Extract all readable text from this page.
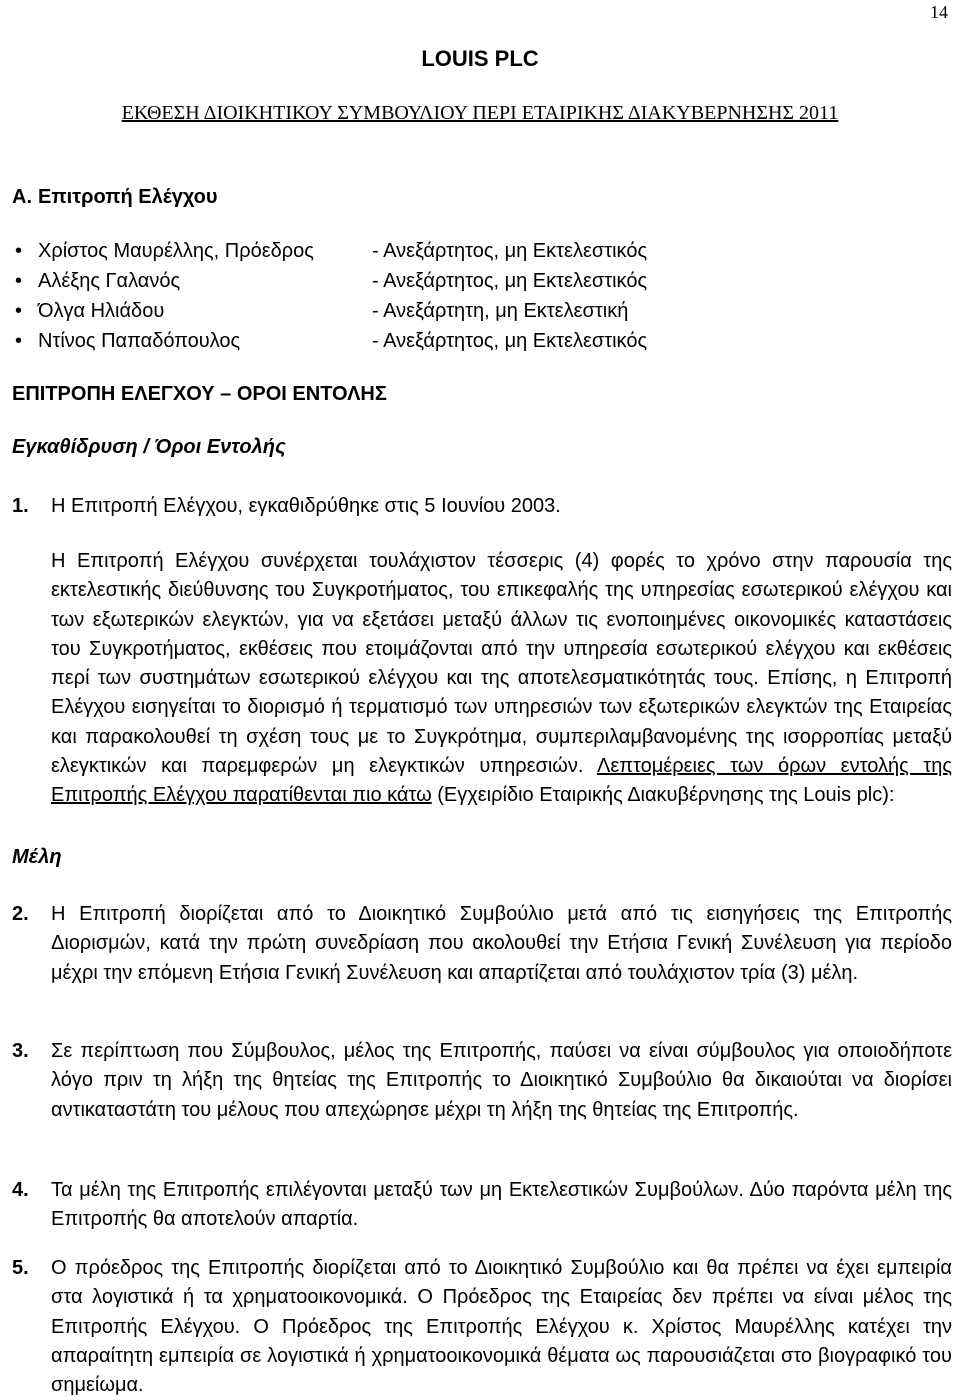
14
LOUIS PLC
ΕΚΘΕΣΗ ΔΙΟΙΚΗΤΙΚΟΥ ΣΥΜΒΟΥΛΙΟΥ ΠΕΡΙ ΕΤΑΙΡΙΚΗΣ ΔΙΑΚΥΒΕΡΝΗΣΗΣ 2011
Α. Επιτροπή Ελέγχου
• Χρίστος Μαυρέλλης, Πρόεδρος	- Ανεξάρτητος, μη Εκτελεστικός
• Αλέξης Γαλανός	- Ανεξάρτητος, μη Εκτελεστικός
• Όλγα Ηλιάδου	- Ανεξάρτητη, μη Εκτελεστική
• Ντίνος Παπαδόπουλος	- Ανεξάρτητος, μη Εκτελεστικός
ΕΠΙΤΡΟΠΗ ΕΛΕΓΧΟΥ – ΟΡΟΙ ΕΝΤΟΛΗΣ
Εγκαθίδρυση / Όροι Εντολής
1. Η Επιτροπή Ελέγχου, εγκαθιδρύθηκε στις 5 Ιουνίου 2003.
Η Επιτροπή Ελέγχου συνέρχεται τουλάχιστον τέσσερις (4) φορές το χρόνο στην παρουσία της εκτελεστικής διεύθυνσης του Συγκροτήματος, του επικεφαλής της υπηρεσίας εσωτερικού ελέγχου και των εξωτερικών ελεγκτών, για να εξετάσει μεταξύ άλλων τις ενοποιημένες οικονομικές καταστάσεις του Συγκροτήματος, εκθέσεις που ετοιμάζονται από την υπηρεσία εσωτερικού ελέγχου και εκθέσεις περί των συστημάτων εσωτερικού ελέγχου και της αποτελεσματικότητάς τους. Επίσης, η Επιτροπή Ελέγχου εισηγείται το διορισμό ή τερματισμό των υπηρεσιών των εξωτερικών ελεγκτών της Εταιρείας και παρακολουθεί τη σχέση τους με το Συγκρότημα, συμπεριλαμβανομένης της ισορροπίας μεταξύ ελεγκτικών και παρεμφερών μη ελεγκτικών υπηρεσιών. Λεπτομέρειες των όρων εντολής της Επιτροπής Ελέγχου παρατίθενται πιο κάτω (Εγχειρίδιο Εταιρικής Διακυβέρνησης της Louis plc):
Μέλη
2. Η Επιτροπή διορίζεται από το Διοικητικό Συμβούλιο μετά από τις εισηγήσεις της Επιτροπής Διορισμών, κατά την πρώτη συνεδρίαση που ακολουθεί την Ετήσια Γενική Συνέλευση για περίοδο μέχρι την επόμενη Ετήσια Γενική Συνέλευση και απαρτίζεται από τουλάχιστον τρία (3) μέλη.
3. Σε περίπτωση που Σύμβουλος, μέλος της Επιτροπής, παύσει να είναι σύμβουλος για οποιοδήποτε λόγο πριν τη λήξη της θητείας της Επιτροπής το Διοικητικό Συμβούλιο θα δικαιούται να διορίσει αντικαταστάτη του μέλους που απεχώρησε μέχρι τη λήξη της θητείας της Επιτροπής.
4. Τα μέλη της Επιτροπής επιλέγονται μεταξύ των μη Εκτελεστικών Συμβούλων. Δύο παρόντα μέλη της Επιτροπής θα αποτελούν απαρτία.
5. Ο πρόεδρος της Επιτροπής διορίζεται από το Διοικητικό Συμβούλιο και θα πρέπει να έχει εμπειρία στα λογιστικά ή τα χρηματοοικονομικά. Ο Πρόεδρος της Εταιρείας δεν πρέπει να είναι μέλος της Επιτροπής Ελέγχου. Ο Πρόεδρος της Επιτροπής Ελέγχου κ. Χρίστος Μαυρέλλης κατέχει την απαραίτητη εμπειρία σε λογιστικά ή χρηματοοικονομικά θέματα ως παρουσιάζεται στο βιογραφικό του σημείωμα.
